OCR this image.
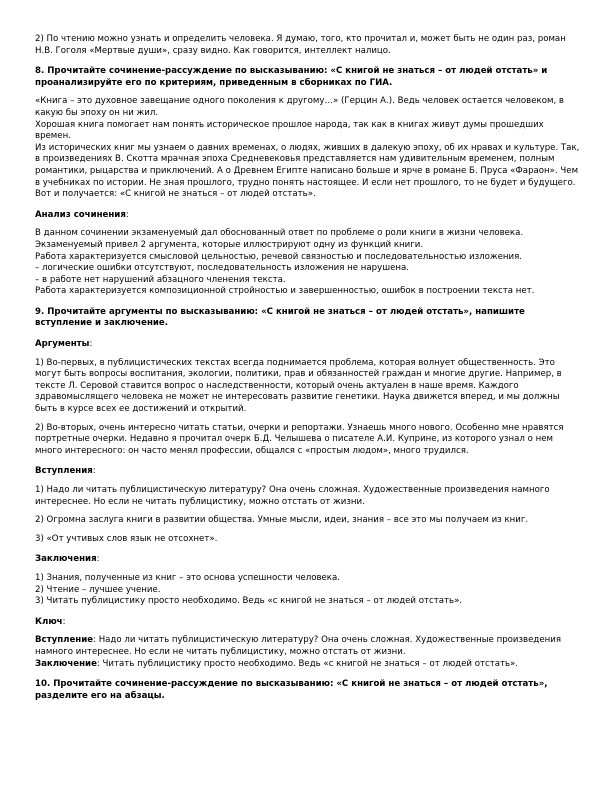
2) По чтению можно узнать и определить человека. Я думаю, того, кто прочитал и, может быть не один раз, роман Н.В. Гоголя «Мертвые души», сразу видно. Как говорится, интеллект налицо.

8. Прочитайте сочинение-рассуждение по высказыванию: «С книгой не знаться – от людей отстать» и проанализируйте его по критериям, приведенным в сборниках по ГИА.

«Книга – это духовное завещание одного поколения к другому…» (Герцин А.). Ведь человек остается человеком, в какую бы эпоху он ни жил.

Хорошая книга помогает нам понять историческое прошлое народа, так как в книгах живут думы прошедших времен.

Из исторических книг мы узнаем о давних временах, о людях, живших в далекую эпоху, об их нравах и культуре. Так, в произведениях В. Скотта мрачная эпоха Средневековья представляется нам удивительным временем, полным романтики, рыцарства и приключений. А о Древнем Египте написано больше и ярче в романе Б. Пруса «Фараон». Чем в учебниках по истории. Не зная прошлого, трудно понять настоящее. И если нет прошлого, то не будет и будущего.

Вот и получается: «С книгой не знаться – от людей отстать».

Анализ сочинения:

В данном сочинении экзаменуемый дал обоснованный ответ по проблеме о роли книги в жизни человека. Экзаменуемый привел 2 аргумента, которые иллюстрируют одну из функций книги.

Работа характеризуется смысловой цельностью, речевой связностью и последовательностью изложения.

– логические ошибки отсутствуют, последовательность изложения не нарушена.

– в работе нет нарушений абзацного членения текста.

Работа характеризуется композиционной стройностью и завершенностью, ошибок в построении текста нет.

9. Прочитайте аргументы по высказыванию: «С книгой не знаться – от людей отстать», напишите вступление и заключение.

Аргументы:

1) Во-первых, в публицистических текстах всегда поднимается проблема, которая волнует общественность. Это могут быть вопросы воспитания, экологии, политики, прав и обязанностей граждан и многие другие. Например, в тексте Л. Серовой ставится вопрос о наследственности, который очень актуален в наше время. Каждого здравомыслящего человека не может не интересовать развитие генетики. Наука движется вперед, и мы должны быть в курсе всех ее достижений и открытий.

2) Во-вторых, очень интересно читать статьи, очерки и репортажи. Узнаешь много нового. Особенно мне нравятся портретные очерки. Недавно я прочитал очерк Б.Д. Челышева о писателе А.И. Куприне, из которого узнал о нем много интересного: он часто менял профессии, общался с «простым людом», много трудился.

Вступления:

1) Надо ли читать публицистическую литературу? Она очень сложная. Художественные произведения намного интереснее. Но если не читать публицистику, можно отстать от жизни.

2) Огромна заслуга книги в развитии общества. Умные мысли, идеи, знания – все это мы получаем из книг.

3) «От учтивых слов язык не отсохнет».

Заключения:

1) Знания, полученные из книг – это основа успешности человека.

2) Чтение – лучшее учение.

3) Читать публицистику просто необходимо. Ведь «с книгой не знаться – от людей отстать».

Ключ:

Вступление: Надо ли читать публицистическую литературу? Она очень сложная. Художественные произведения намного интереснее. Но если не читать публицистику, можно отстать от жизни.

Заключение: Читать публицистику просто необходимо. Ведь «с книгой не знаться – от людей отстать».

10. Прочитайте сочинение-рассуждение по высказыванию: «С книгой не знаться – от людей отстать», разделите его на абзацы.
